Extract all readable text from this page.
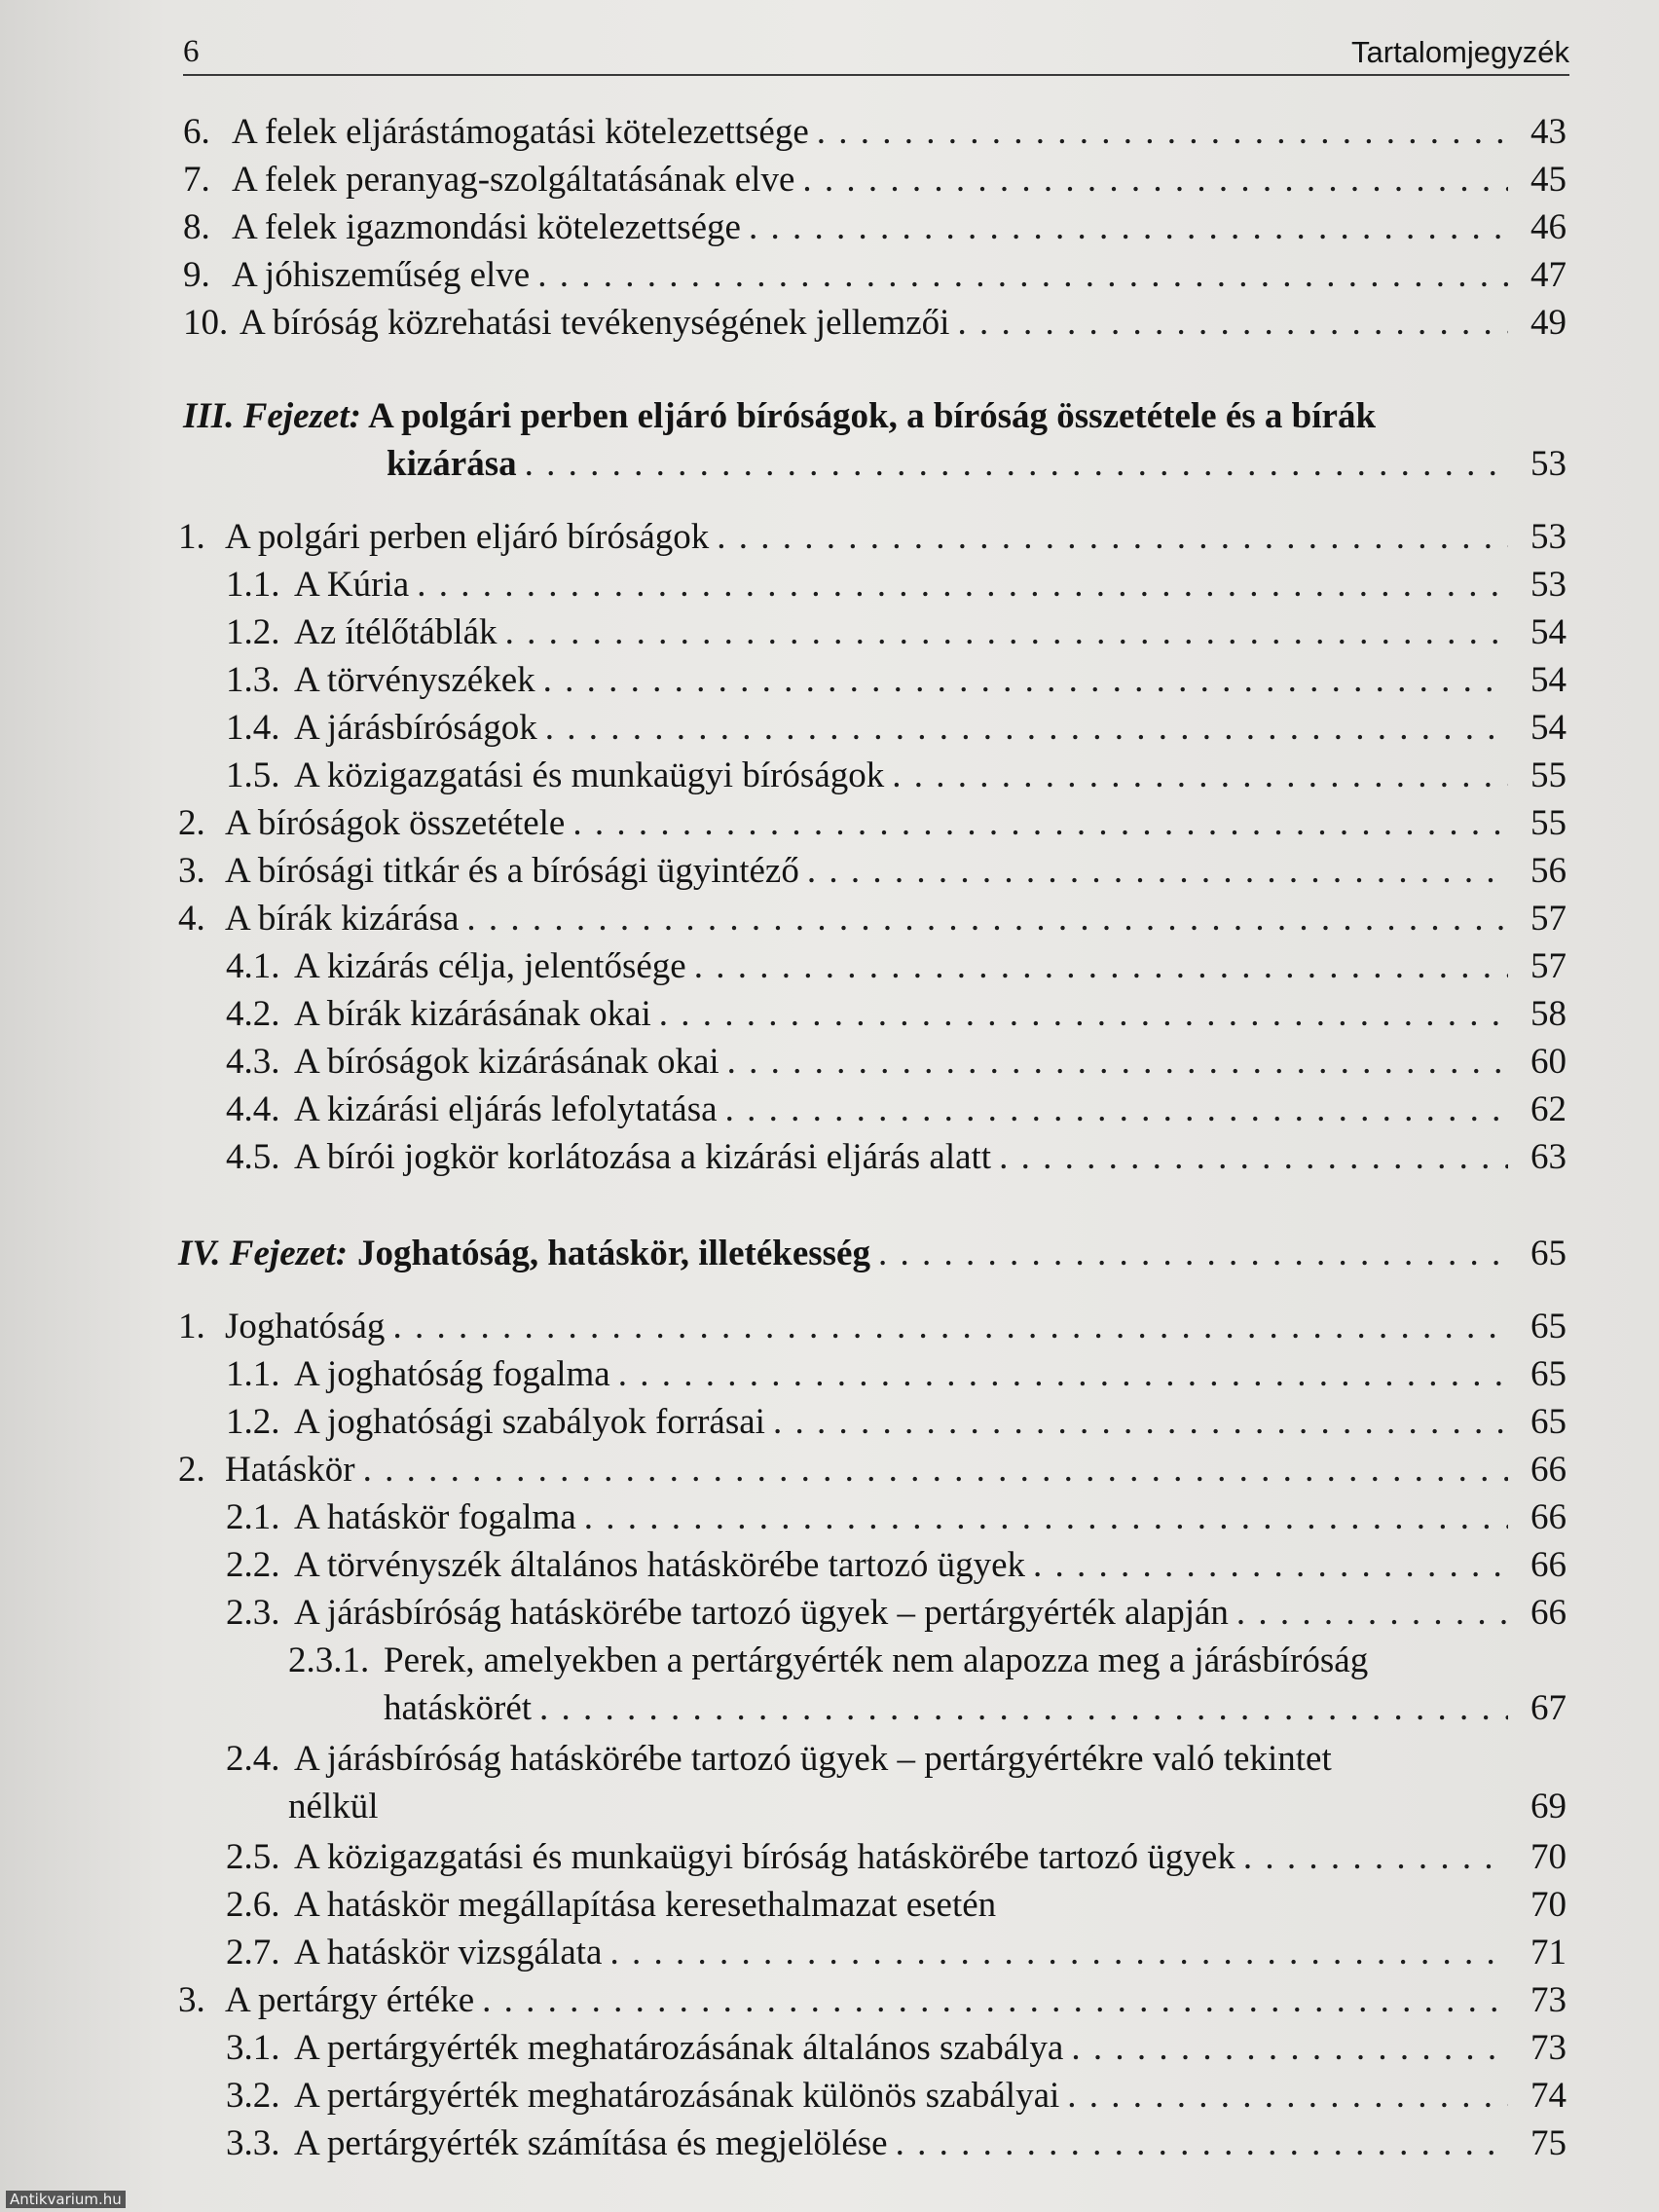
6	Tartalomjegyzék
6. A felek eljárástámogatási kötelezettsége . . .	43
7. A felek peranyag-szolgáltatásának elve . . .	45
8. A felek igazmondási kötelezettsége . . .	46
9. A jóhiszeműség elve . . .	47
10. A bíróság közrehatási tevékenységének jellemzői . . .	49
III. Fejezet: A polgári perben eljáró bíróságok, a bíróság összetétele és a bírák
kizárása . . .	53
1. A polgári perben eljáró bíróságok . . .	53
1.1. A Kúria . . .	53
1.2. Az ítélőtáblák . . .	54
1.3. A törvényszékek . . .	54
1.4. A járásbíróságok . . .	54
1.5. A közigazgatási és munkaügyi bíróságok . . .	55
2. A bíróságok összetétele . . .	55
3. A bírósági titkár és a bírósági ügyintéző . . .	56
4. A bírák kizárása . . .	57
4.1. A kizárás célja, jelentősége . . .	57
4.2. A bírák kizárásának okai . . .	58
4.3. A bíróságok kizárásának okai . . .	60
4.4. A kizárási eljárás lefolytatása . . .	62
4.5. A bírói jogkör korlátozása a kizárási eljárás alatt . . .	63
IV. Fejezet: Joghatóság, hatáskör, illetékesség . . .	65
1. Joghatóság . . .	65
1.1. A joghatóság fogalma . . .	65
1.2. A joghatósági szabályok forrásai . . .	65
2. Hatáskör . . .	66
2.1. A hatáskör fogalma . . .	66
2.2. A törvényszék általános hatáskörébe tartozó ügyek . . .	66
2.3. A járásbíróság hatáskörébe tartozó ügyek – pertárgyérték alapján . . .	66
2.3.1. Perek, amelyekben a pertárgyérték nem alapozza meg a járásbíróság
hatáskörét . . .	67
2.4. A járásbíróság hatáskörébe tartozó ügyek – pertárgyértékre való tekintet
nélkül	69
2.5. A közigazgatási és munkaügyi bíróság hatáskörébe tartozó ügyek . . .	70
2.6. A hatáskör megállapítása keresethalmazat esetén	70
2.7. A hatáskör vizsgálata . . .	71
3. A pertárgy értéke . . .	73
3.1. A pertárgyérték meghatározásának általános szabálya . . .	73
3.2. A pertárgyérték meghatározásának különös szabályai . . .	74
3.3. A pertárgyérték számítása és megjelölése . . .	75
Antikvarium.hu
